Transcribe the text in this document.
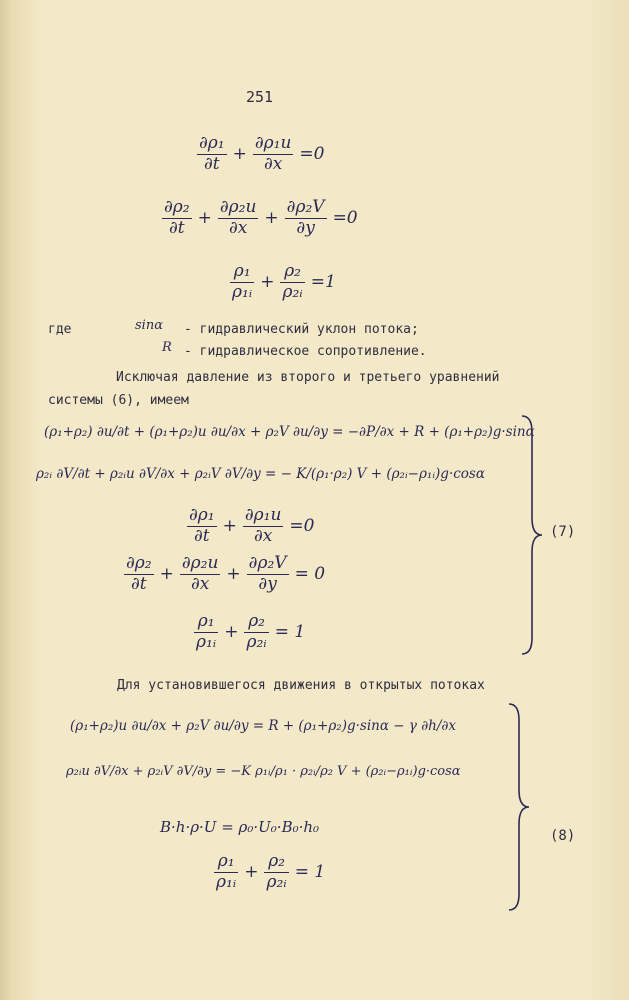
251
$\frac{\text{∂ρ₁}}{\partial t} + \frac{\text{∂ρ₁u}}{\partial x} =0$
$\frac{\text{∂ρ₂}}{\partial t} + \frac{\text{∂ρ₂u}}{\partial x} + \frac{\text{∂ρ₂V}}{\partial y} =0$
$\frac{\text{ρ₁}}{\text{ρ₁ᵢ}} + \frac{\text{ρ₂}}{\text{ρ₂ᵢ}} =1$
где	sinα - гидравлический уклон потока;
R - гидравлическое сопротивление.
Исключая давление из второго и третьего уравнений
системы (6), имеем
(ρ₁+ρ₂) ∂u/∂t + (ρ₁+ρ₂)u ∂u/∂x + ρ₂V ∂u/∂y = −∂P/∂x + R + (ρ₁+ρ₂)g·sinα
ρ₂ᵢ ∂V/∂t + ρ₂ᵢu ∂V/∂x + ρ₂ᵢV ∂V/∂y = − K/(ρ₁·ρ₂) V + (ρ₂ᵢ−ρ₁ᵢ)g·cosα
$\frac{\text{∂ρ₁}}{\partial t} + \frac{\text{∂ρ₁u}}{\partial x} =0$
$\frac{\text{∂ρ₂}}{\partial t} + \frac{\text{∂ρ₂u}}{\partial x} + \frac{\text{∂ρ₂V}}{\partial y} = 0$
$\frac{\text{ρ₁}}{\text{ρ₁ᵢ}} + \frac{\text{ρ₂}}{\text{ρ₂ᵢ}} = 1$
(7)
Для установившегося движения в открытых потоках
(ρ₁+ρ₂)u ∂u/∂x + ρ₂V ∂u/∂y = R + (ρ₁+ρ₂)g·sinα − γ ∂h/∂x
ρ₂ᵢu ∂V/∂x + ρ₂ᵢV ∂V/∂y = −K ρ₁ᵢ/ρ₁ · ρ₂ᵢ/ρ₂ V + (ρ₂ᵢ−ρ₁ᵢ)g·cosα
B·h·ρ·U = ρ₀·U₀·B₀·h₀
$\frac{\text{ρ₁}}{\text{ρ₁ᵢ}} + \frac{\text{ρ₂}}{\text{ρ₂ᵢ}} = 1$
(8)
